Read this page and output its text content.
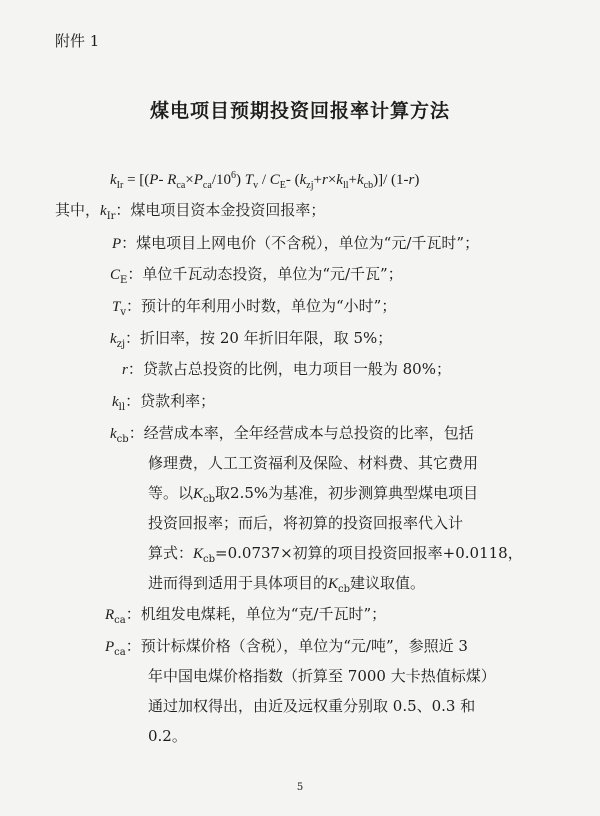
附件 1
煤电项目预期投资回报率计算方法
$k_{Ir} = [(P-$ $R_{ca}\times P_{ca}/10^6$) $T_v / C_E-$ $(k_{zj}+r\times k_{ll}+k_{cb})]/$ (1-r)
其中，$k_{Ir}$：煤电项目资本金投资回报率；
P：煤电项目上网电价（不含税），单位为“元/千瓦时”；
$C_E$：单位千瓦动态投资，单位为“元/千瓦”；
$T_v$：预计的年利用小时数，单位为“小时”；
$k_{zj}$：折旧率，按 20 年折旧年限，取 5%；
r：贷款占总投资的比例，电力项目一般为 80%；
$k_{ll}$：贷款利率；
$k_{cb}$：经营成本率，全年经营成本与总投资的比率，包括
修理费，人工工资福利及保险、材料费、其它费用
等。以$K_{cb}$取2.5%为基准，初步测算典型煤电项目
投资回报率；而后，将初算的投资回报率代入计
算式：$K_{cb}=0.0737\times$初算的项目投资回报率+0.0118，
进而得到适用于具体项目的$K_{cb}$建议取值。
$R_{ca}$：机组发电煤耗，单位为“克/千瓦时”；
$P_{ca}$：预计标煤价格（含税），单位为“元/吨”，参照近 3
年中国电煤价格指数（折算至 7000 大卡热值标煤）
通过加权得出，由近及远权重分别取 0.5、0.3 和
0.2。
5
